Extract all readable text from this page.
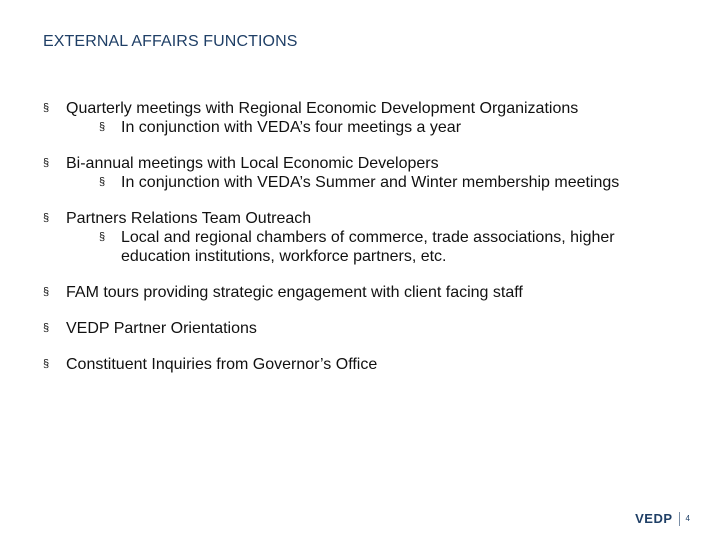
EXTERNAL AFFAIRS FUNCTIONS
§ Quarterly meetings with Regional Economic Development Organizations
§ In conjunction with VEDA’s four meetings a year
§ Bi-annual meetings with Local Economic Developers
§ In conjunction with VEDA’s Summer and Winter membership meetings
§ Partners Relations Team Outreach
§ Local and regional chambers of commerce, trade associations, higher education institutions, workforce partners, etc.
§ FAM tours providing strategic engagement with client facing staff
§ VEDP Partner Orientations
§ Constituent Inquiries from Governor’s Office
VEDP 4
